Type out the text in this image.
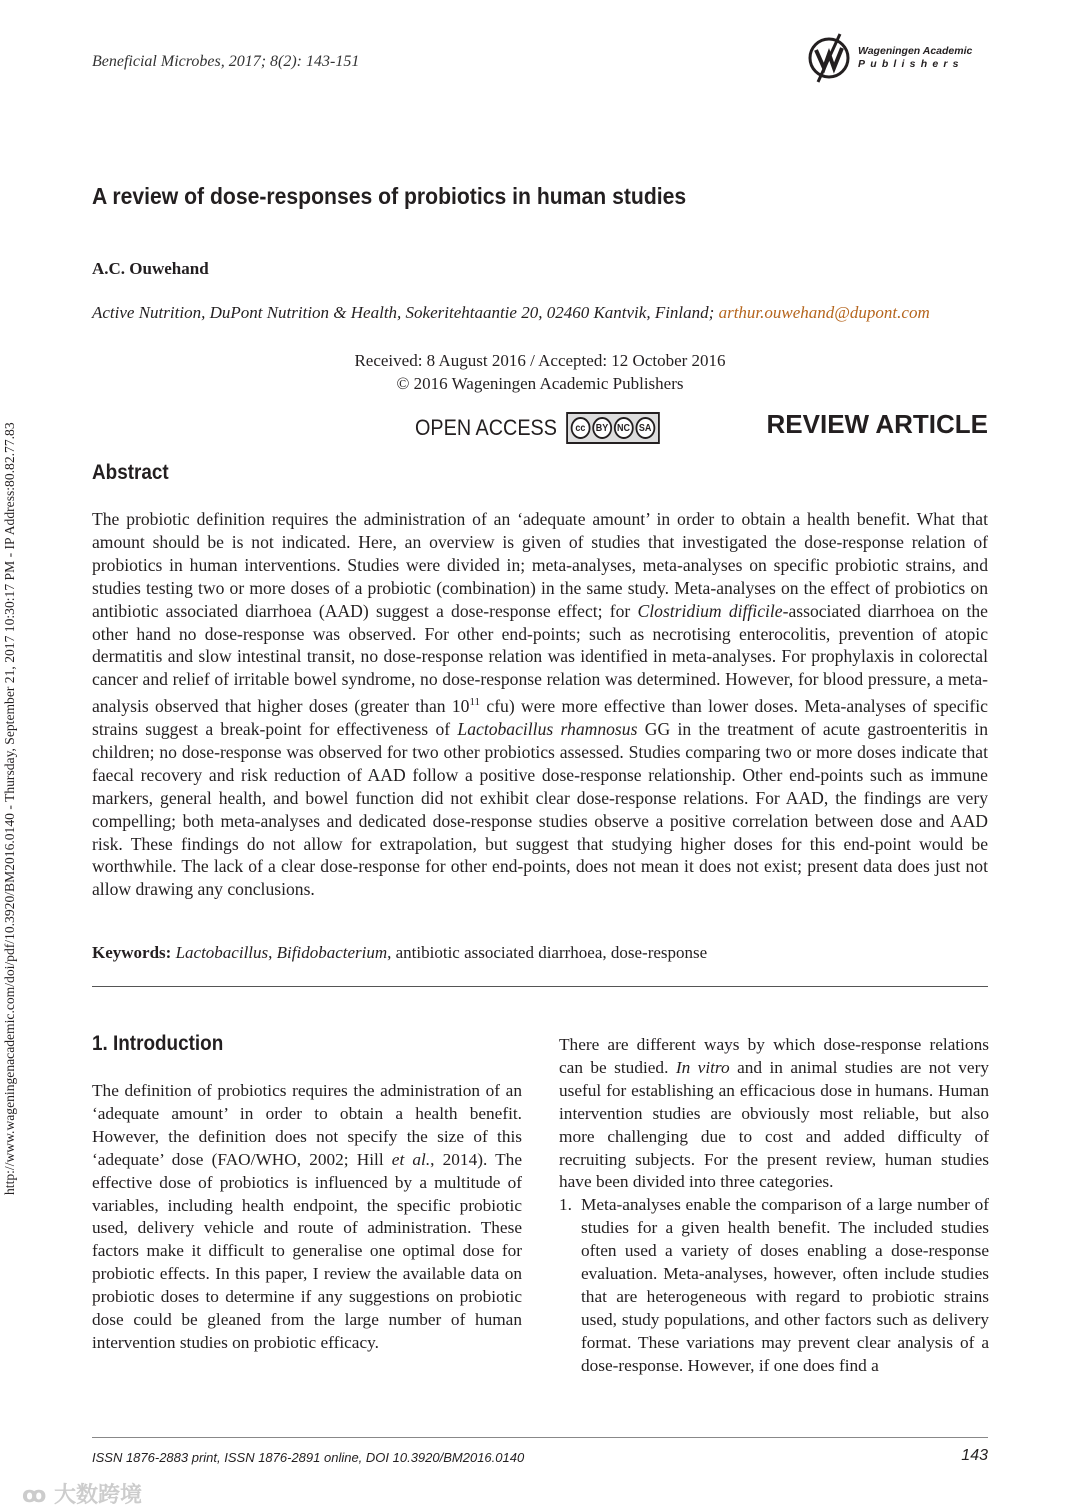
Beneficial Microbes, 2017; 8(2): 143-151
Wageningen Academic
Publishers
A review of dose-responses of probiotics in human studies
A.C. Ouwehand
Active Nutrition, DuPont Nutrition & Health, Sokeritehtaantie 20, 02460 Kantvik, Finland; arthur.ouwehand@dupont.com
Received: 8 August 2016 / Accepted: 12 October 2016
© 2016 Wageningen Academic Publishers
OPEN ACCESS	cc	BY NC SA	REVIEW ARTICLE
Abstract
The probiotic definition requires the administration of an ‘adequate amount’ in order to obtain a health benefit. What that amount should be is not indicated. Here, an overview is given of studies that investigated the dose-response relation of probiotics in human interventions. Studies were divided in; meta-analyses, meta-analyses on specific probiotic strains, and studies testing two or more doses of a probiotic (combination) in the same study. Meta-analyses on the effect of probiotics on antibiotic associated diarrhoea (AAD) suggest a dose-response effect; for Clostridium difficile-associated diarrhoea on the other hand no dose-response was observed. For other end-points; such as necrotising enterocolitis, prevention of atopic dermatitis and slow intestinal transit, no dose-response relation was identified in meta-analyses. For prophylaxis in colorectal cancer and relief of irritable bowel syndrome, no dose-response relation was determined. However, for blood pressure, a meta-analysis observed that higher doses (greater than $10^{11}$ cfu) were more effective than lower doses. Meta-analyses of specific strains suggest a break-point for effectiveness of Lactobacillus rhamnosus GG in the treatment of acute gastroenteritis in children; no dose-response was observed for two other probiotics assessed. Studies comparing two or more doses indicate that faecal recovery and risk reduction of AAD follow a positive dose-response relationship. Other end-points such as immune markers, general health, and bowel function did not exhibit clear dose-response relations. For AAD, the findings are very compelling; both meta-analyses and dedicated dose-response studies observe a positive correlation between dose and AAD risk. These findings do not allow for extrapolation, but suggest that studying higher doses for this end-point would be worthwhile. The lack of a clear dose-response for other end-points, does not mean it does not exist; present data does just not allow drawing any conclusions.
Keywords: Lactobacillus, Bifidobacterium, antibiotic associated diarrhoea, dose-response
1. Introduction
The definition of probiotics requires the administration of an ‘adequate amount’ in order to obtain a health benefit. However, the definition does not specify the size of this ‘adequate’ dose (FAO/WHO, 2002; Hill et al., 2014). The effective dose of probiotics is influenced by a multitude of variables, including health endpoint, the specific probiotic used, delivery vehicle and route of administration. These factors make it difficult to generalise one optimal dose for probiotic effects. In this paper, I review the available data on probiotic doses to determine if any suggestions on probiotic dose could be gleaned from the large number of human intervention studies on probiotic efficacy.
There are different ways by which dose-response relations can be studied. In vitro and in animal studies are not very useful for establishing an efficacious dose in humans. Human intervention studies are obviously most reliable, but also more challenging due to cost and added difficulty of recruiting subjects. For the present review, human studies have been divided into three categories.
1. Meta-analyses enable the comparison of a large number of studies for a given health benefit. The included studies often used a variety of doses enabling a dose-response evaluation. Meta-analyses, however, often include studies that are heterogeneous with regard to probiotic strains used, study populations, and other factors such as delivery format. These variations may prevent clear analysis of a dose-response. However, if one does find a
ISSN 1876-2883 print, ISSN 1876-2891 online, DOI 10.3920/BM2016.0140	143
http://www.wageningenacademic.com/doi/pdf/10.3920/BM2016.0140 - Thursday, September 21, 2017 10:30:17 PM - IP Address:80.82.77.83
ꝏ 大数跨境
